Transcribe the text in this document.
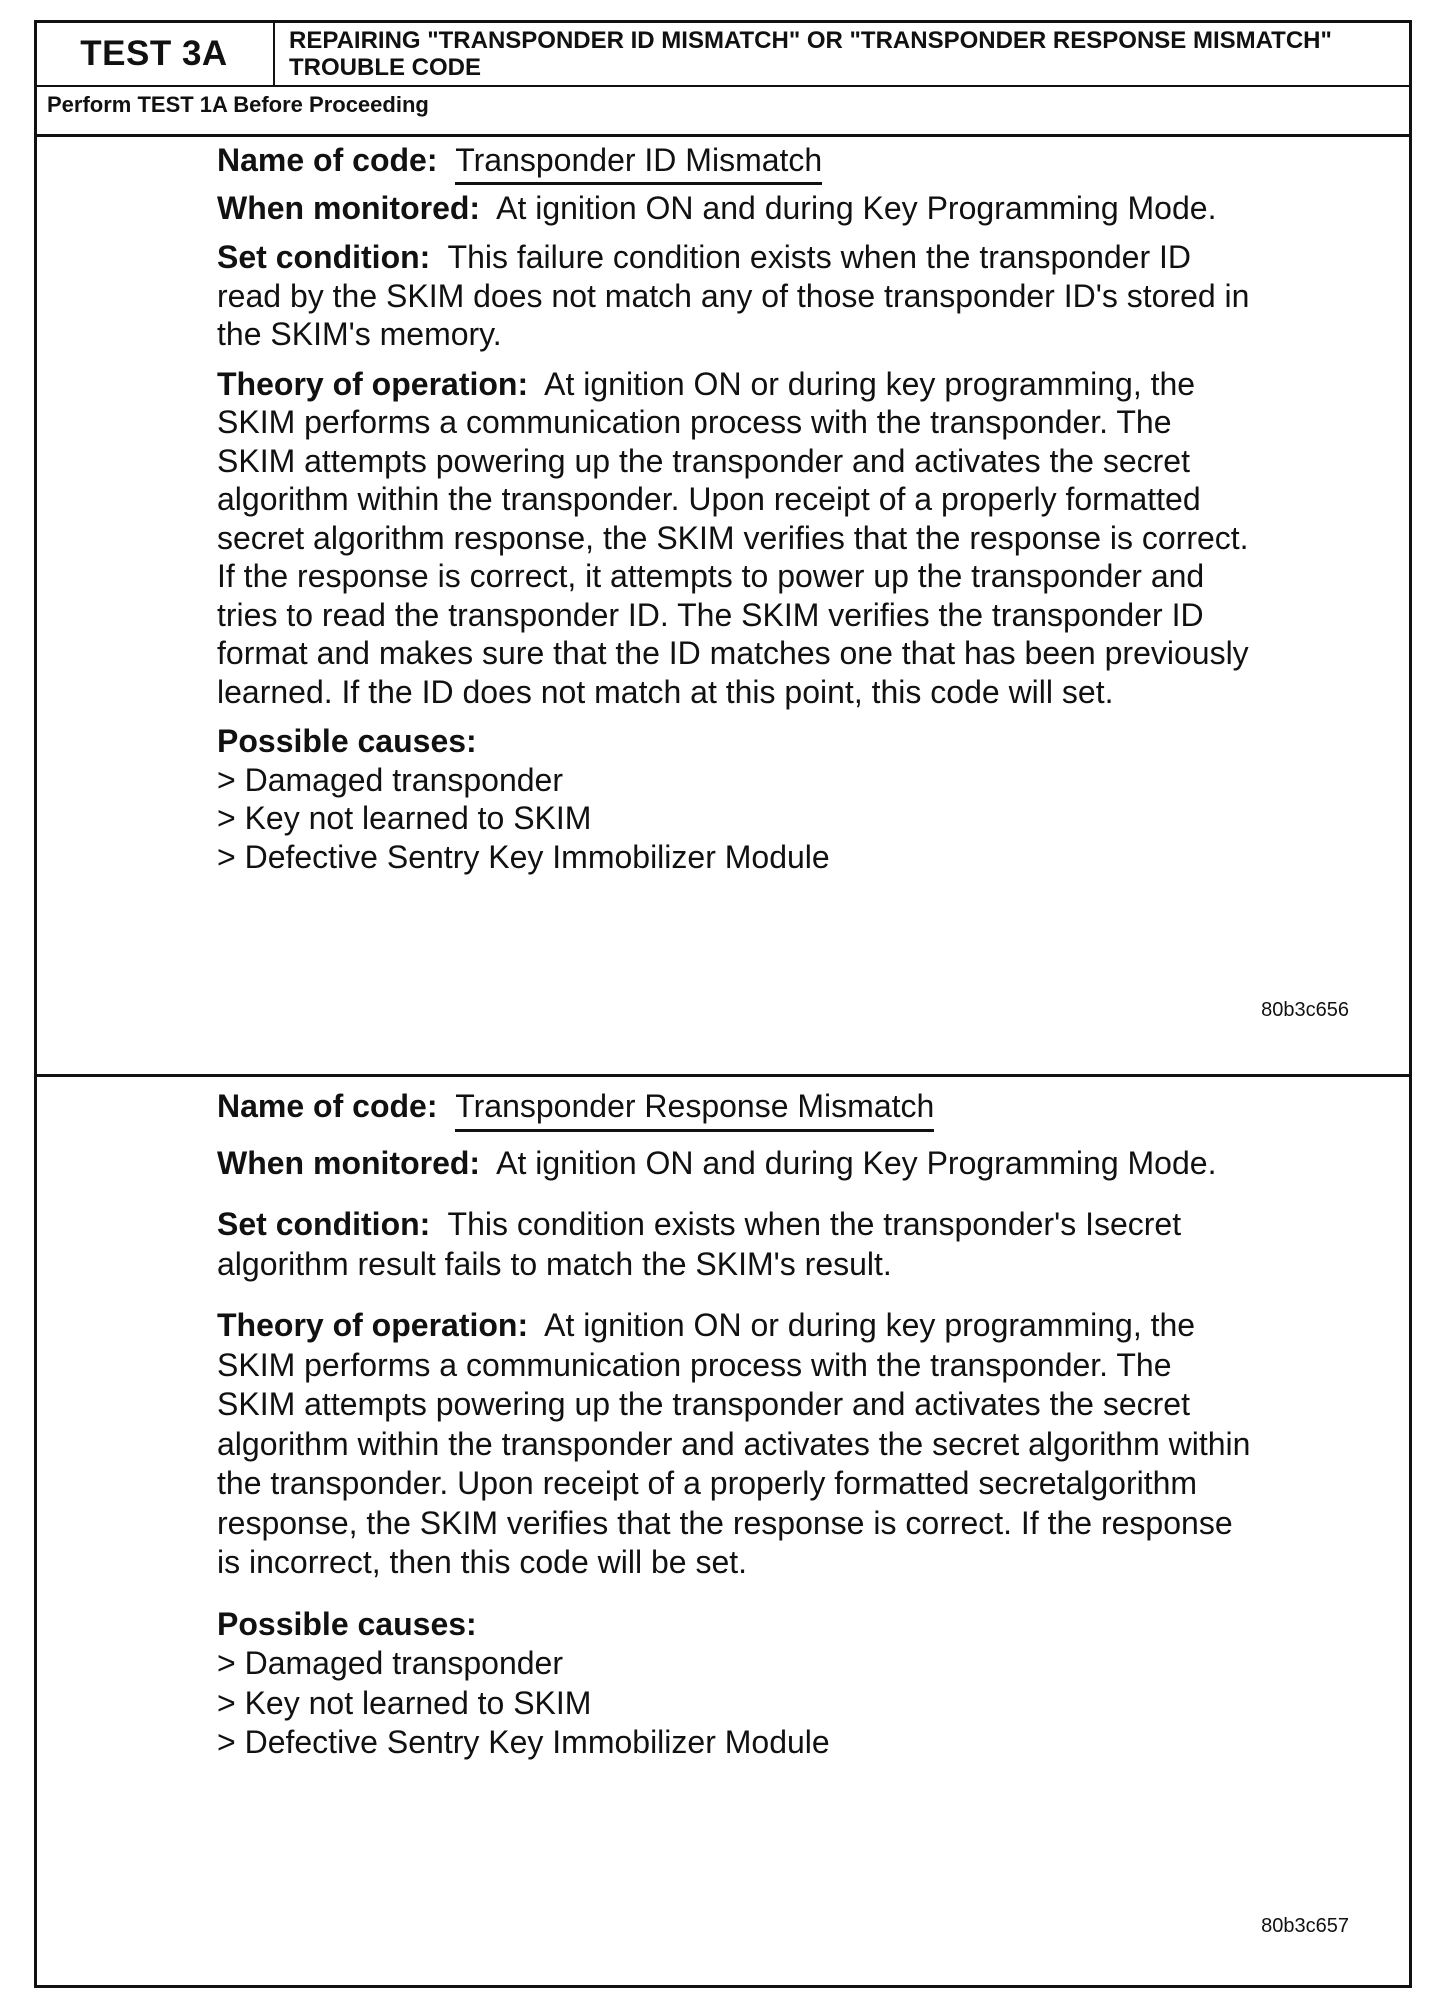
TEST 3A	REPAIRING "TRANSPONDER ID MISMATCH" OR "TRANSPONDER RESPONSE MISMATCH" TROUBLE CODE
Perform TEST 1A Before Proceeding

Name of code: Transponder ID Mismatch

When monitored: At ignition ON and during Key Programming Mode.

Set condition: This failure condition exists when the transponder ID read by the SKIM does not match any of those transponder ID's stored in the SKIM's memory.

Theory of operation: At ignition ON or during key programming, the SKIM performs a communication process with the transponder. The SKIM attempts powering up the transponder and activates the secret algorithm within the transponder. Upon receipt of a properly formatted secret algorithm response, the SKIM verifies that the response is correct. If the response is correct, it attempts to power up the transponder and tries to read the transponder ID. The SKIM verifies the transponder ID format and makes sure that the ID matches one that has been previously learned. If the ID does not match at this point, this code will set.

Possible causes:
> Damaged transponder
> Key not learned to SKIM
> Defective Sentry Key Immobilizer Module
80b3c656

Name of code: Transponder Response Mismatch

When monitored: At ignition ON and during Key Programming Mode.

Set condition: This condition exists when the transponder's Isecret algorithm result fails to match the SKIM's result.

Theory of operation: At ignition ON or during key programming, the SKIM performs a communication process with the transponder. The SKIM attempts powering up the transponder and activates the secret algorithm within the transponder and activates the secret algorithm within the transponder. Upon receipt of a properly formatted secretalgorithm response, the SKIM verifies that the response is correct. If the response is incorrect, then this code will be set.

Possible causes:
> Damaged transponder
> Key not learned to SKIM
> Defective Sentry Key Immobilizer Module
80b3c657
